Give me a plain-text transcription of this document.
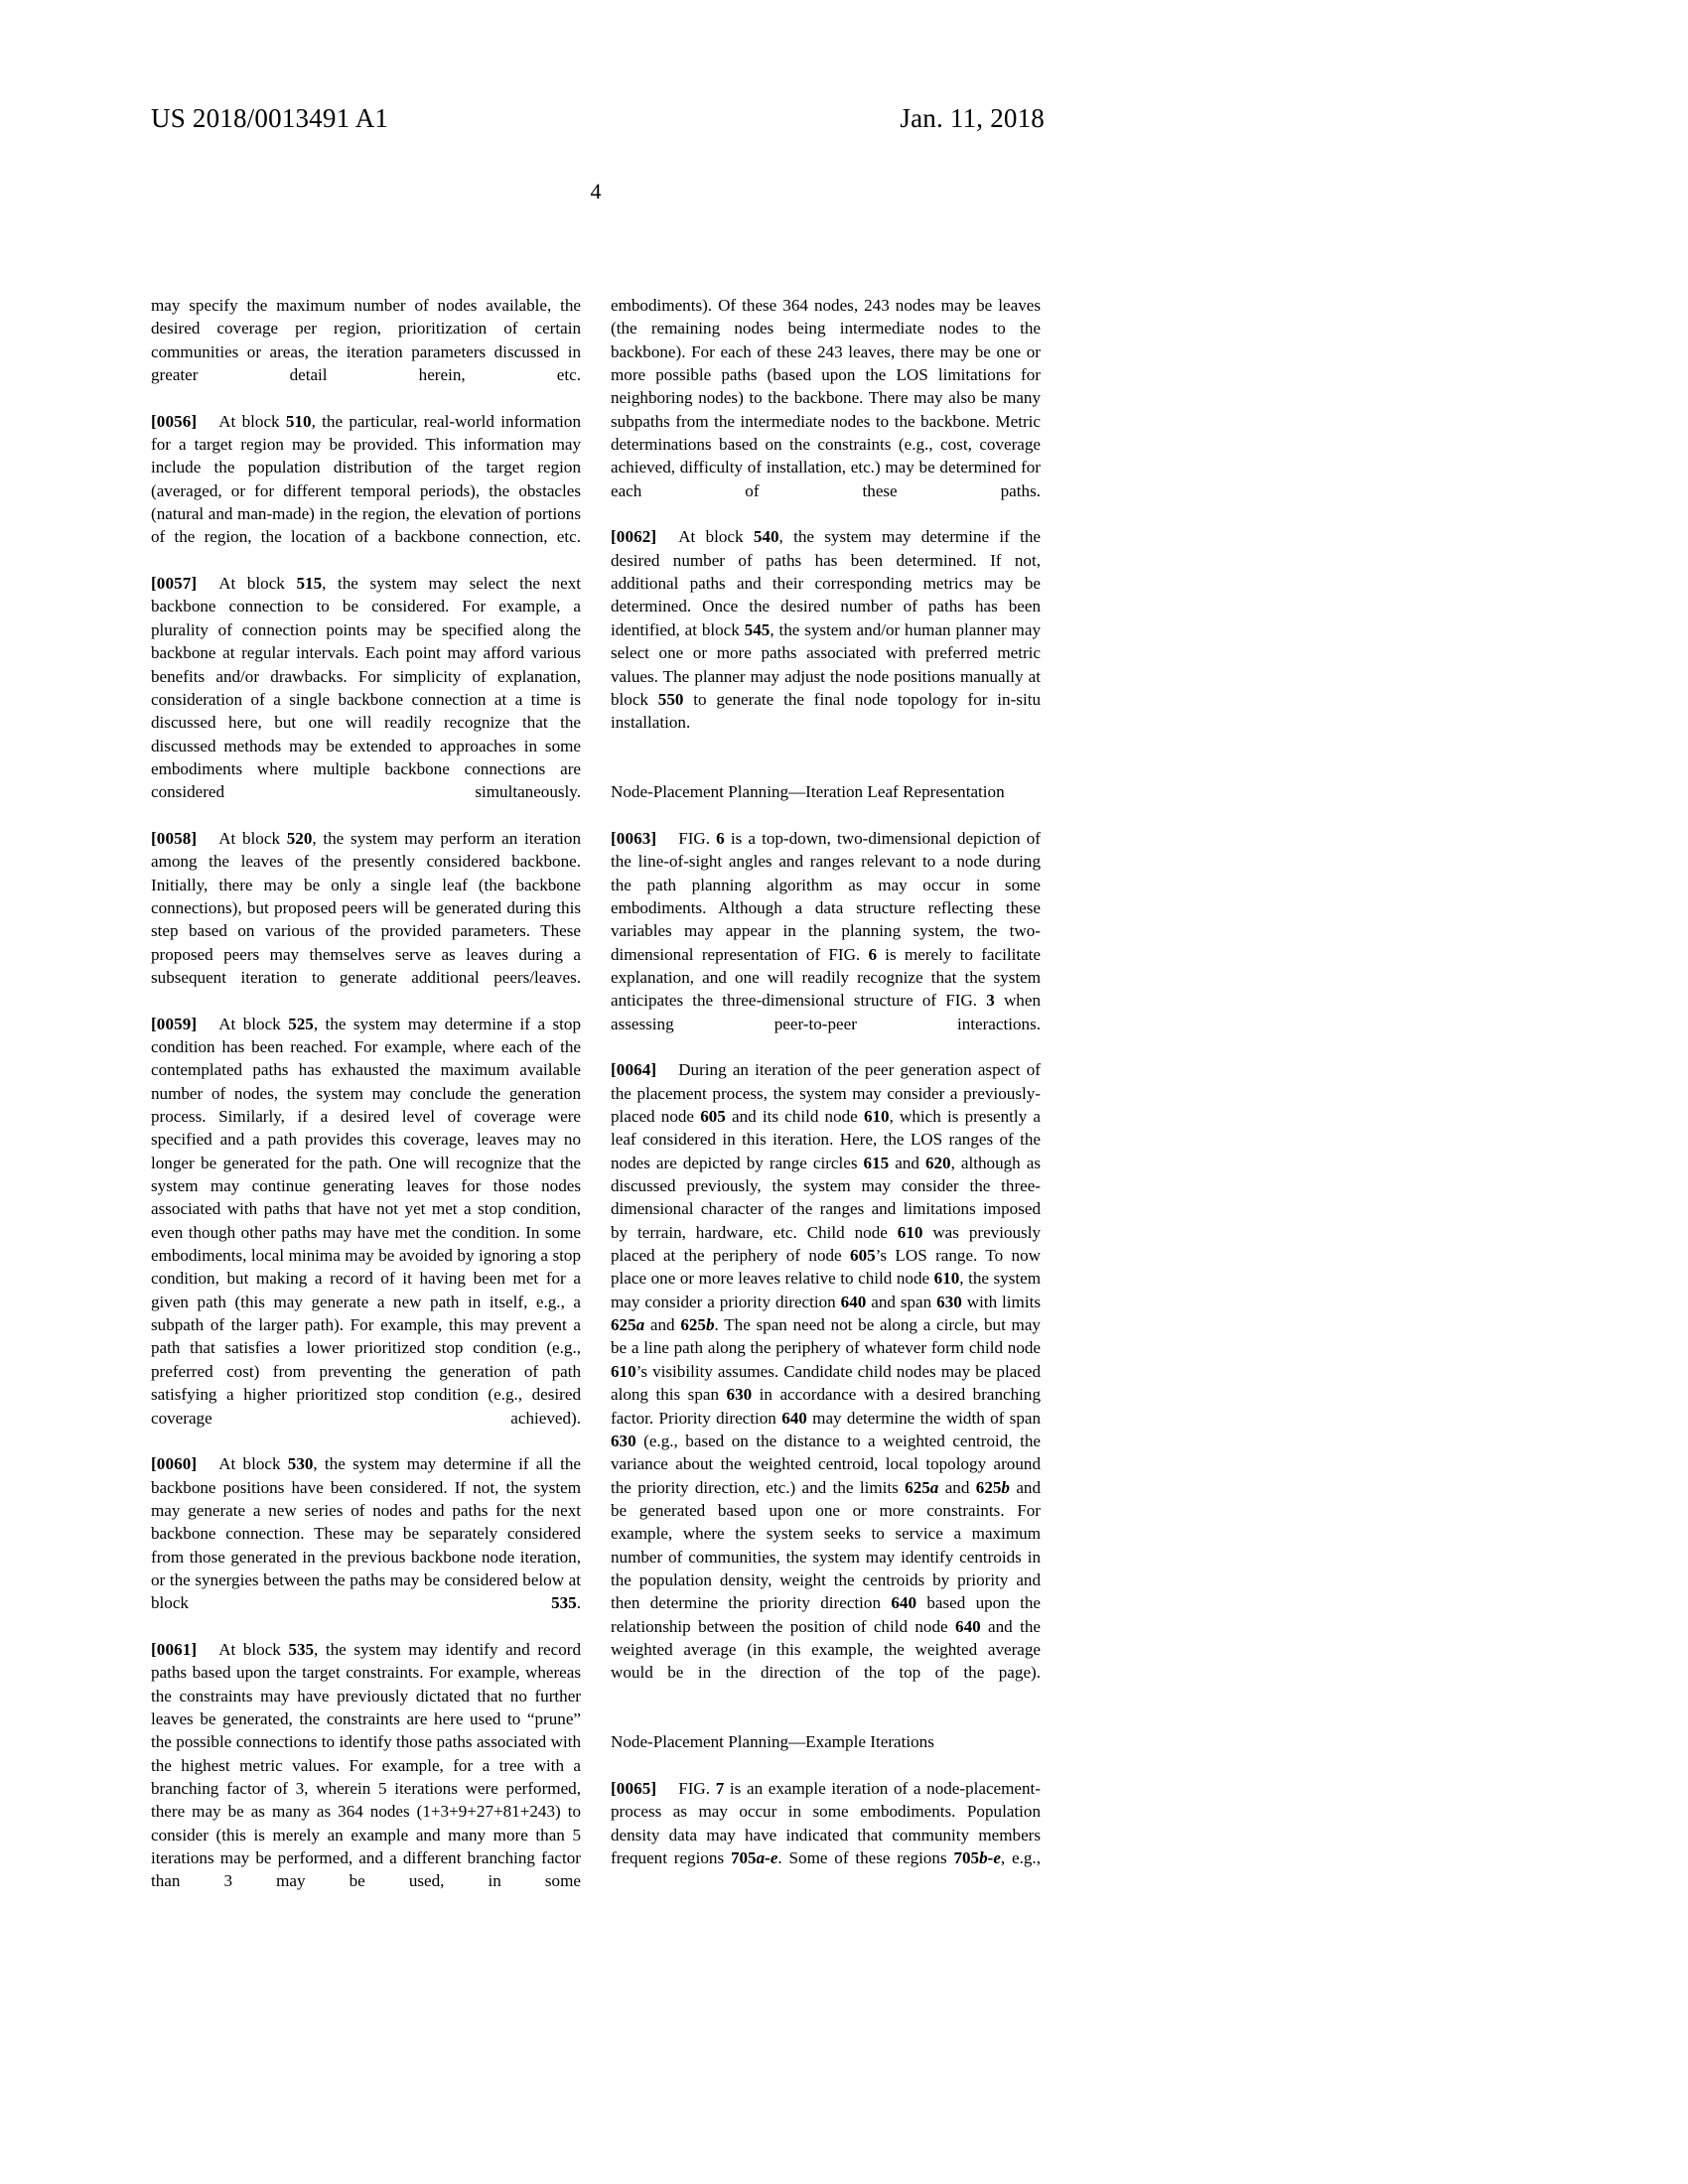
US 2018/0013491 A1	Jan. 11, 2018
4

may specify the maximum number of nodes available, the desired coverage per region, prioritization of certain communities or areas, the iteration parameters discussed in greater detail herein, etc.

[0056] At block 510, the particular, real-world information for a target region may be provided. This information may include the population distribution of the target region (averaged, or for different temporal periods), the obstacles (natural and man-made) in the region, the elevation of portions of the region, the location of a backbone connection, etc.

[0057] At block 515, the system may select the next backbone connection to be considered. For example, a plurality of connection points may be specified along the backbone at regular intervals. Each point may afford various benefits and/or drawbacks. For simplicity of explanation, consideration of a single backbone connection at a time is discussed here, but one will readily recognize that the discussed methods may be extended to approaches in some embodiments where multiple backbone connections are considered simultaneously.

[0058] At block 520, the system may perform an iteration among the leaves of the presently considered backbone. Initially, there may be only a single leaf (the backbone connections), but proposed peers will be generated during this step based on various of the provided parameters. These proposed peers may themselves serve as leaves during a subsequent iteration to generate additional peers/leaves.

[0059] At block 525, the system may determine if a stop condition has been reached. For example, where each of the contemplated paths has exhausted the maximum available number of nodes, the system may conclude the generation process. Similarly, if a desired level of coverage were specified and a path provides this coverage, leaves may no longer be generated for the path. One will recognize that the system may continue generating leaves for those nodes associated with paths that have not yet met a stop condition, even though other paths may have met the condition. In some embodiments, local minima may be avoided by ignoring a stop condition, but making a record of it having been met for a given path (this may generate a new path in itself, e.g., a subpath of the larger path). For example, this may prevent a path that satisfies a lower prioritized stop condition (e.g., preferred cost) from preventing the generation of path satisfying a higher prioritized stop condition (e.g., desired coverage achieved).

[0060] At block 530, the system may determine if all the backbone positions have been considered. If not, the system may generate a new series of nodes and paths for the next backbone connection. These may be separately considered from those generated in the previous backbone node iteration, or the synergies between the paths may be considered below at block 535.

[0061] At block 535, the system may identify and record paths based upon the target constraints. For example, whereas the constraints may have previously dictated that no further leaves be generated, the constraints are here used to “prune” the possible connections to identify those paths associated with the highest metric values. For example, for a tree with a branching factor of 3, wherein 5 iterations were performed, there may be as many as 364 nodes (1+3+9+27+81+243) to consider (this is merely an example and many more than 5 iterations may be performed, and a different branching factor than 3 may be used, in some

embodiments). Of these 364 nodes, 243 nodes may be leaves (the remaining nodes being intermediate nodes to the backbone). For each of these 243 leaves, there may be one or more possible paths (based upon the LOS limitations for neighboring nodes) to the backbone. There may also be many subpaths from the intermediate nodes to the backbone. Metric determinations based on the constraints (e.g., cost, coverage achieved, difficulty of installation, etc.) may be determined for each of these paths.

[0062] At block 540, the system may determine if the desired number of paths has been determined. If not, additional paths and their corresponding metrics may be determined. Once the desired number of paths has been identified, at block 545, the system and/or human planner may select one or more paths associated with preferred metric values. The planner may adjust the node positions manually at block 550 to generate the final node topology for in-situ installation.

Node-Placement Planning—Iteration Leaf Representation

[0063] FIG. 6 is a top-down, two-dimensional depiction of the line-of-sight angles and ranges relevant to a node during the path planning algorithm as may occur in some embodiments. Although a data structure reflecting these variables may appear in the planning system, the two-dimensional representation of FIG. 6 is merely to facilitate explanation, and one will readily recognize that the system anticipates the three-dimensional structure of FIG. 3 when assessing peer-to-peer interactions.

[0064] During an iteration of the peer generation aspect of the placement process, the system may consider a previously-placed node 605 and its child node 610, which is presently a leaf considered in this iteration. Here, the LOS ranges of the nodes are depicted by range circles 615 and 620, although as discussed previously, the system may consider the three-dimensional character of the ranges and limitations imposed by terrain, hardware, etc. Child node 610 was previously placed at the periphery of node 605’s LOS range. To now place one or more leaves relative to child node 610, the system may consider a priority direction 640 and span 630 with limits 625a and 625b. The span need not be along a circle, but may be a line path along the periphery of whatever form child node 610’s visibility assumes. Candidate child nodes may be placed along this span 630 in accordance with a desired branching factor. Priority direction 640 may determine the width of span 630 (e.g., based on the distance to a weighted centroid, the variance about the weighted centroid, local topology around the priority direction, etc.) and the limits 625a and 625b and be generated based upon one or more constraints. For example, where the system seeks to service a maximum number of communities, the system may identify centroids in the population density, weight the centroids by priority and then determine the priority direction 640 based upon the relationship between the position of child node 640 and the weighted average (in this example, the weighted average would be in the direction of the top of the page).

Node-Placement Planning—Example Iterations

[0065] FIG. 7 is an example iteration of a node-placement-process as may occur in some embodiments. Population density data may have indicated that community members frequent regions 705a-e. Some of these regions 705b-e, e.g.,
